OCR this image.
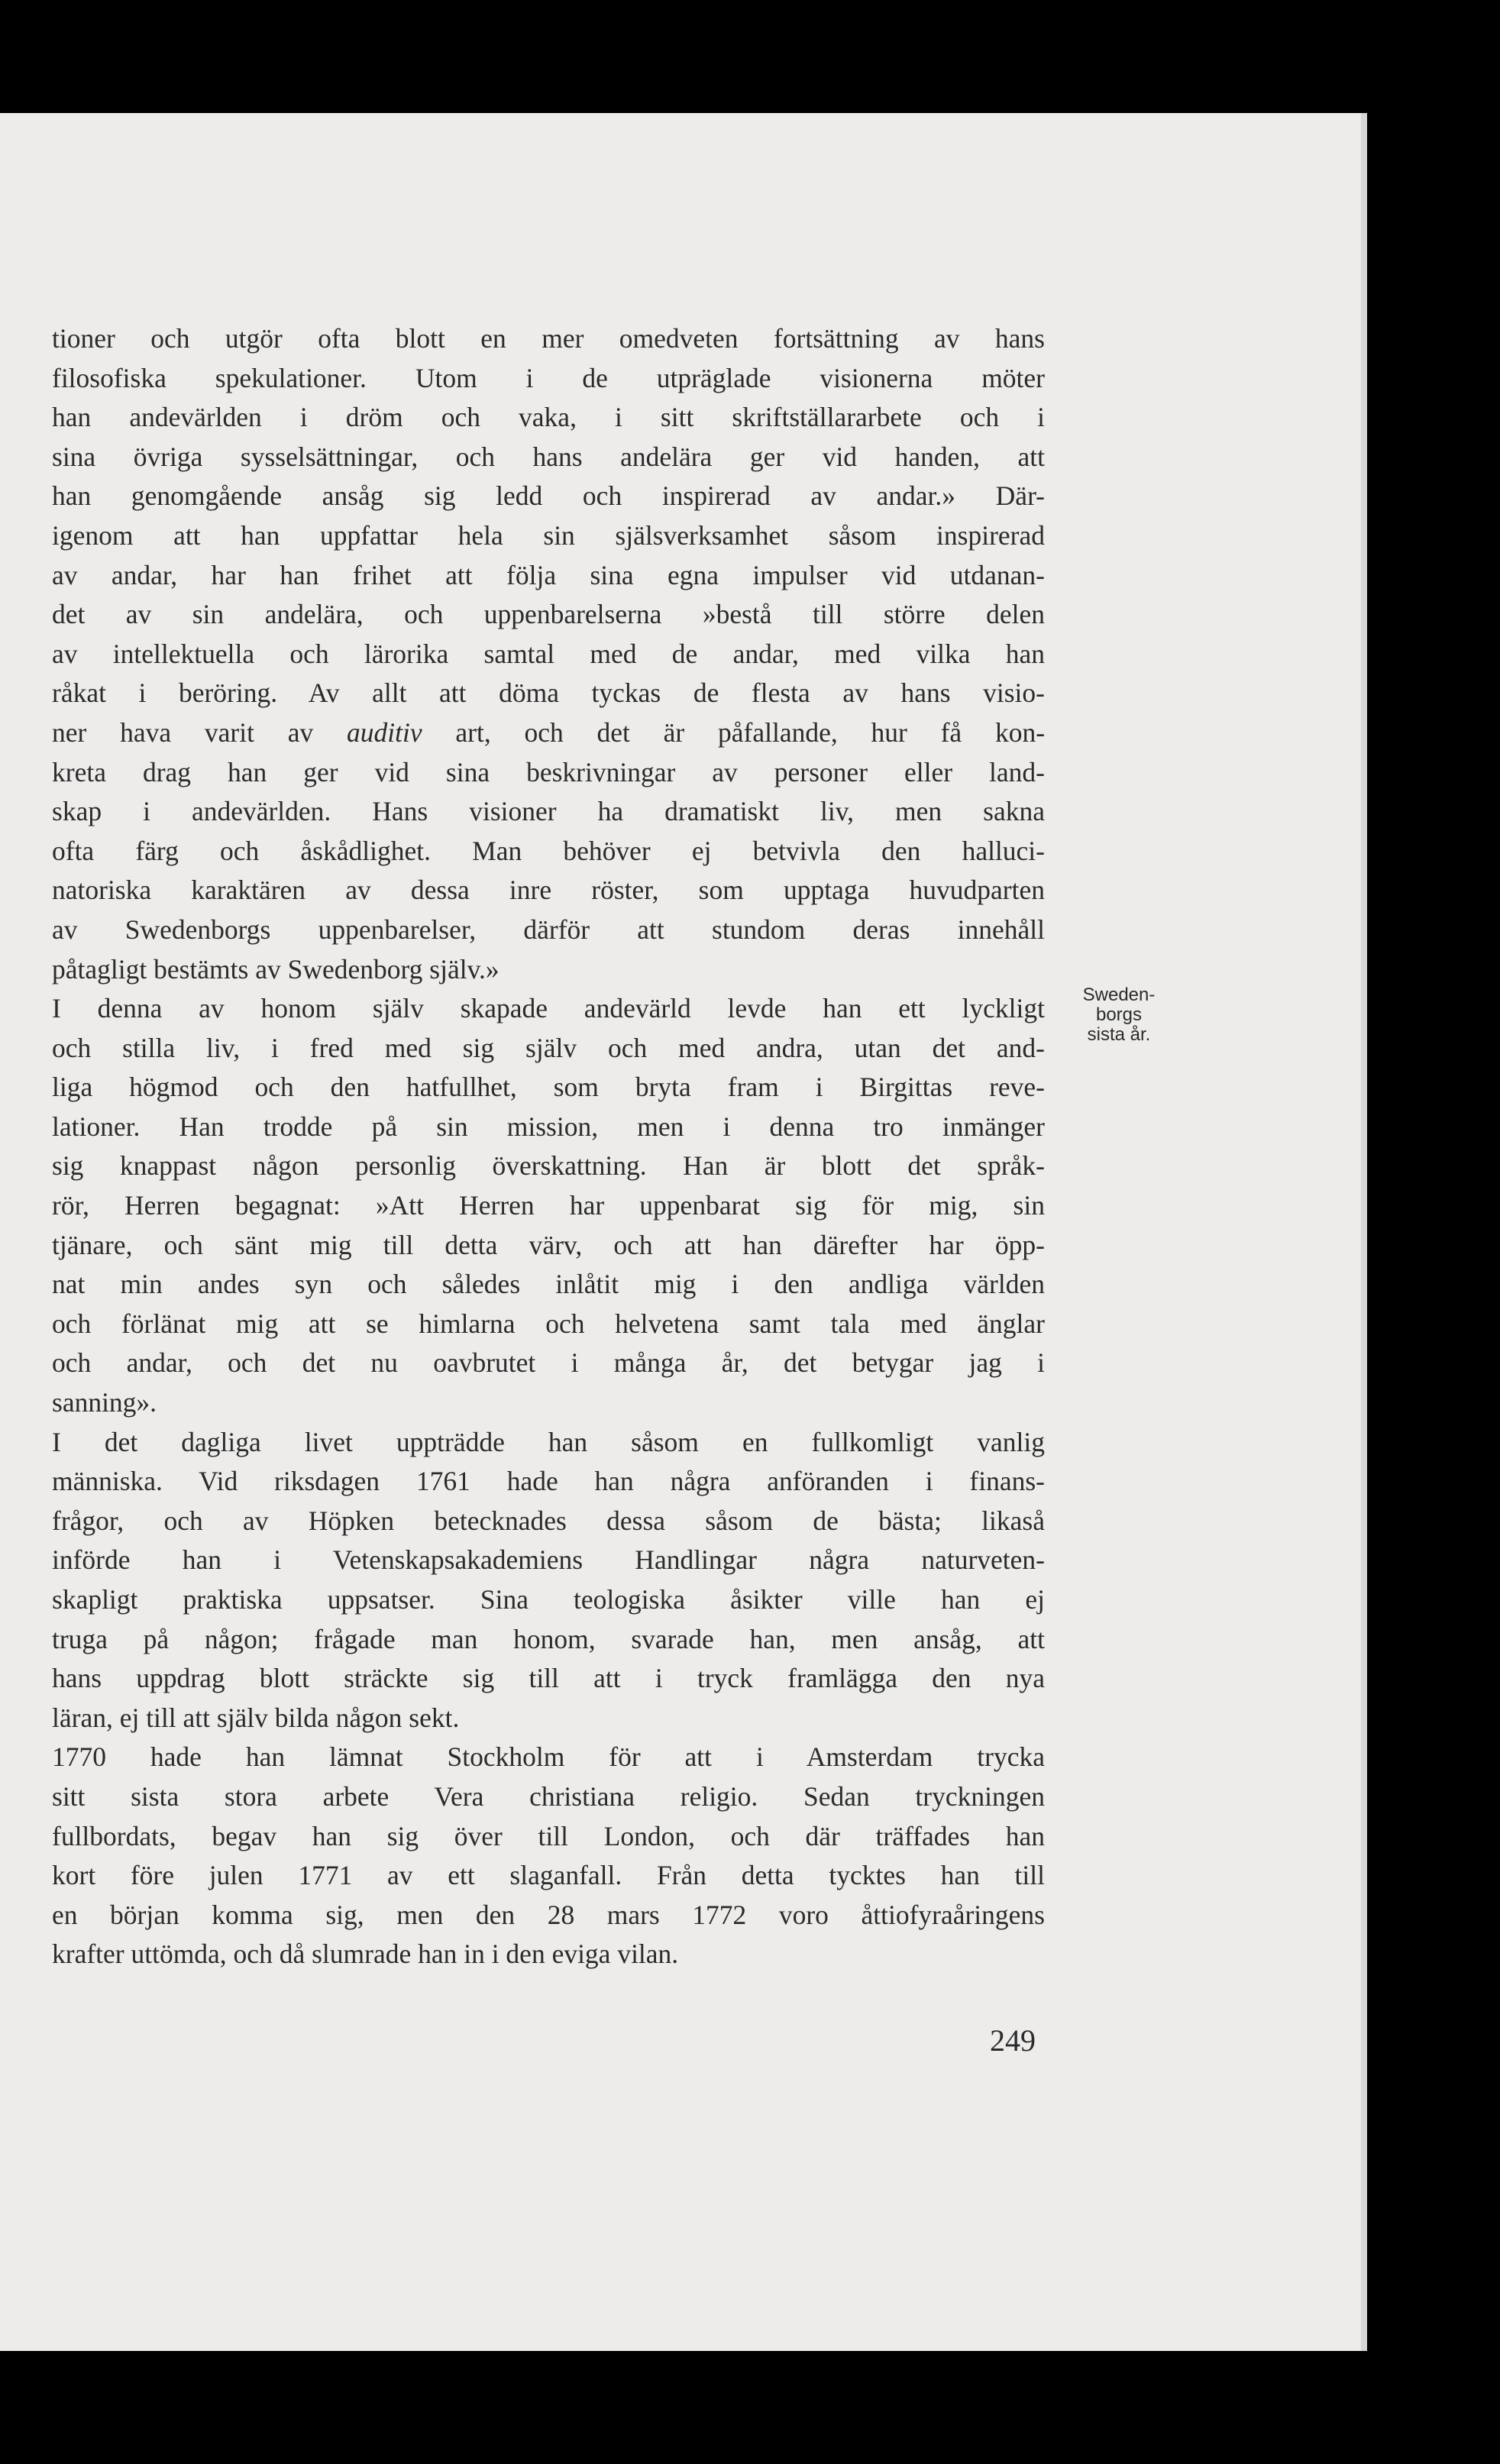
tioner och utgör ofta blott en mer omedveten fortsättning av hans
filosofiska spekulationer. Utom i de utpräglade visionerna möter
han andevärlden i dröm och vaka, i sitt skriftställararbete och i
sina övriga sysselsättningar, och hans andelära ger vid handen, att
han genomgående ansåg sig ledd och inspirerad av andar.» Där-
igenom att han uppfattar hela sin själsverksamhet såsom inspirerad
av andar, har han frihet att följa sina egna impulser vid utdanan-
det av sin andelära, och uppenbarelserna »bestå till större delen
av intellektuella och lärorika samtal med de andar, med vilka han
råkat i beröring. Av allt att döma tyckas de flesta av hans visio-
ner hava varit av auditiv art, och det är påfallande, hur få kon-
kreta drag han ger vid sina beskrivningar av personer eller land-
skap i andevärlden. Hans visioner ha dramatiskt liv, men sakna
ofta färg och åskådlighet. Man behöver ej betvivla den halluci-
natoriska karaktären av dessa inre röster, som upptaga huvudparten
av Swedenborgs uppenbarelser, därför att stundom deras innehåll
påtagligt bestämts av Swedenborg själv.»
I denna av honom själv skapade andevärld levde han ett lyckligt
och stilla liv, i fred med sig själv och med andra, utan det and-
liga högmod och den hatfullhet, som bryta fram i Birgittas reve-
lationer. Han trodde på sin mission, men i denna tro inmänger
sig knappast någon personlig överskattning. Han är blott det språk-
rör, Herren begagnat: »Att Herren har uppenbarat sig för mig, sin
tjänare, och sänt mig till detta värv, och att han därefter har öpp-
nat min andes syn och således inlåtit mig i den andliga världen
och förlänat mig att se himlarna och helvetena samt tala med änglar
och andar, och det nu oavbrutet i många år, det betygar jag i
sanning».
I det dagliga livet uppträdde han såsom en fullkomligt vanlig
människa. Vid riksdagen 1761 hade han några anföranden i finans-
frågor, och av Höpken betecknades dessa såsom de bästa; likaså
införde han i Vetenskapsakademiens Handlingar några naturveten-
skapligt praktiska uppsatser. Sina teologiska åsikter ville han ej
truga på någon; frågade man honom, svarade han, men ansåg, att
hans uppdrag blott sträckte sig till att i tryck framlägga den nya
läran, ej till att själv bilda någon sekt.
1770 hade han lämnat Stockholm för att i Amsterdam trycka
sitt sista stora arbete Vera christiana religio. Sedan tryckningen
fullbordats, begav han sig över till London, och där träffades han
kort före julen 1771 av ett slaganfall. Från detta tycktes han till
en början komma sig, men den 28 mars 1772 voro åttiofyraåringens
krafter uttömda, och då slumrade han in i den eviga vilan.
Sweden-
borgs
sista år.
249
